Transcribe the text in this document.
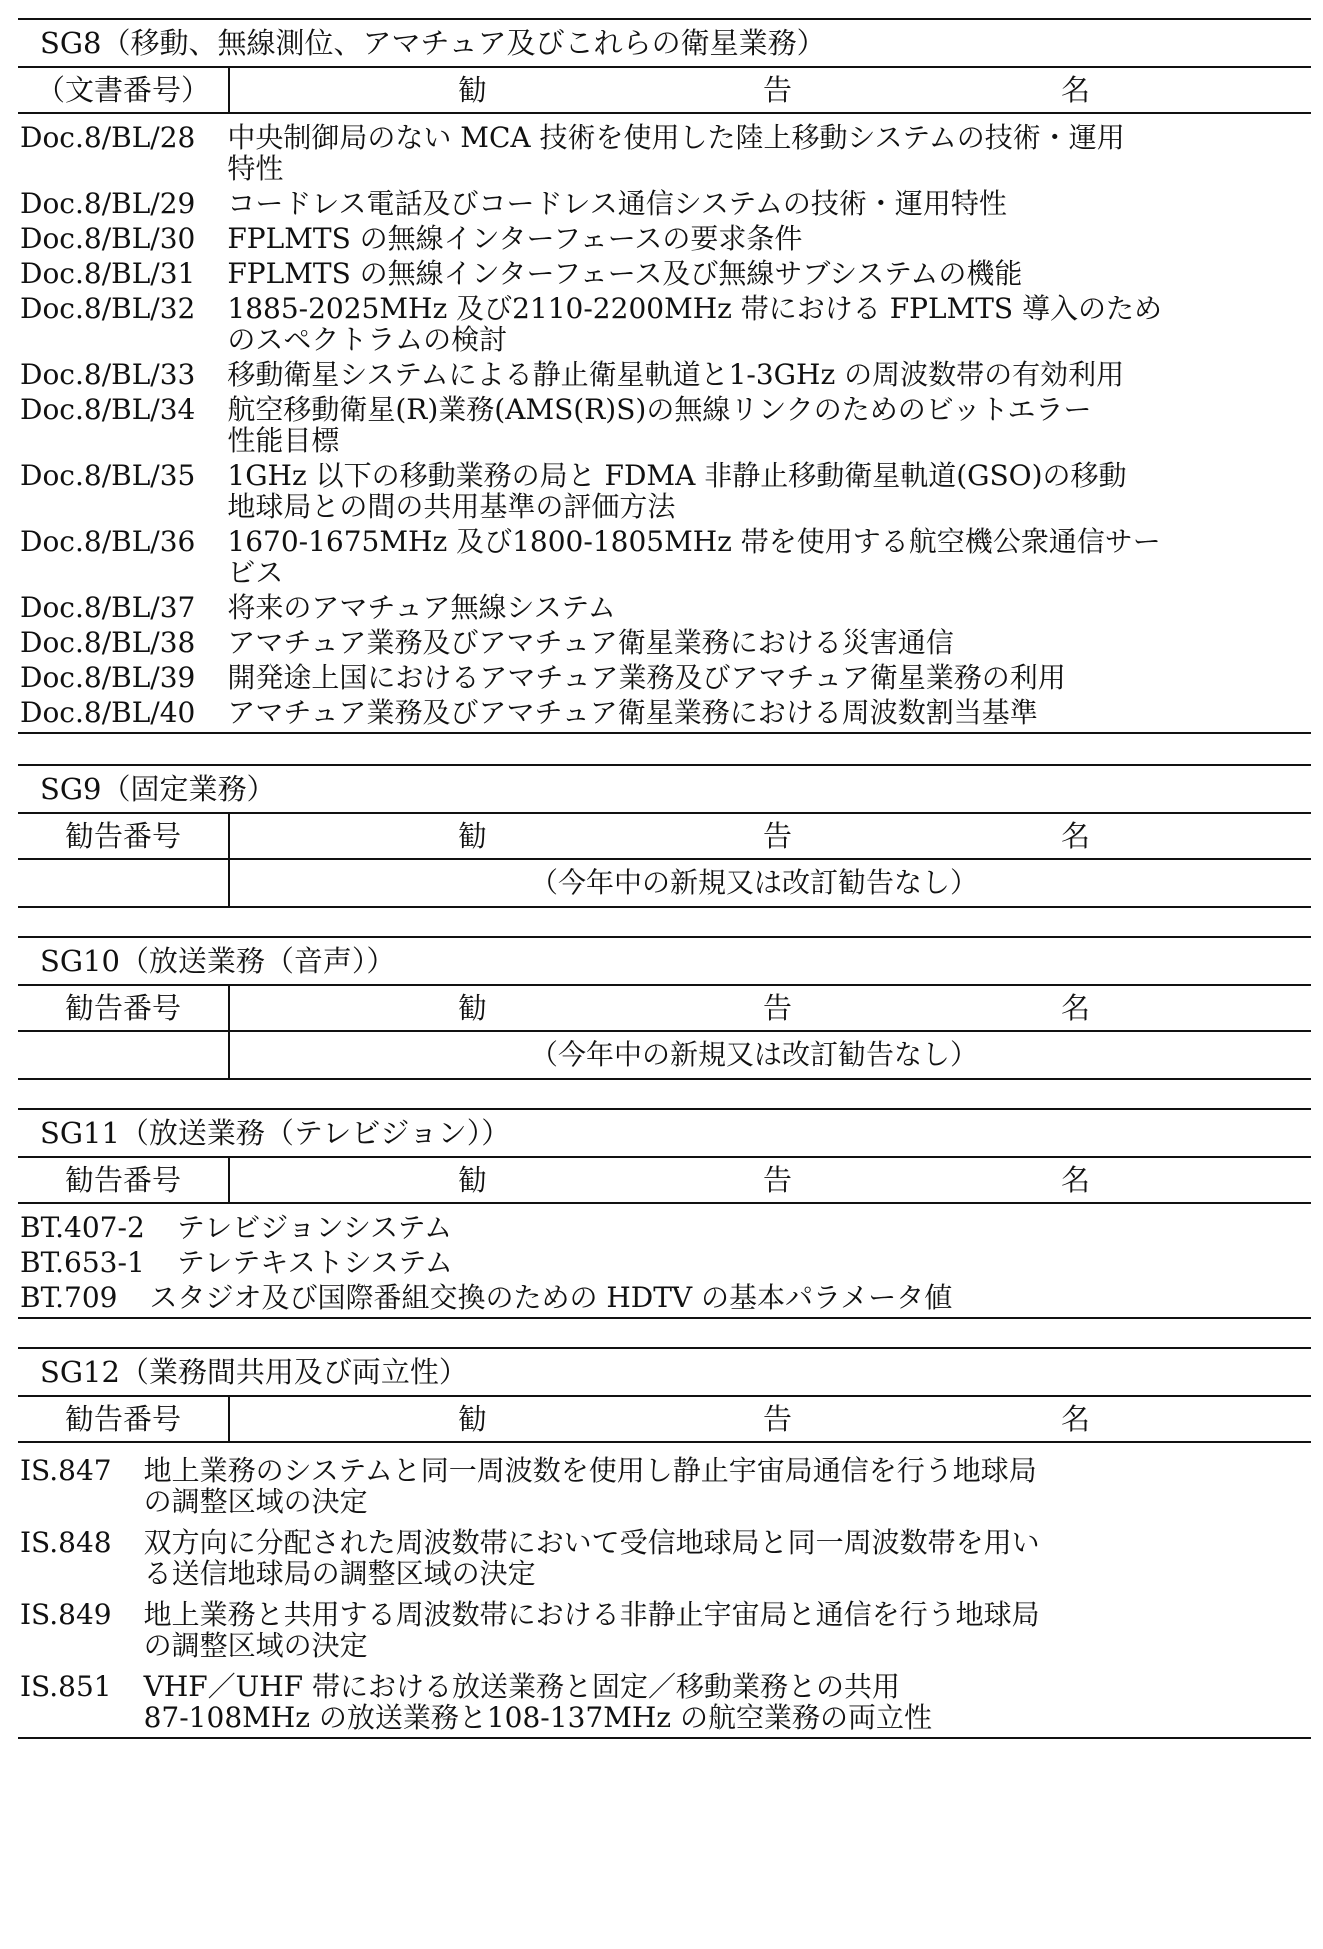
SG8（移動、無線測位、アマチュア及びこれらの衛星業務）
（文書番号）	勧	告	名
Doc.8/BL/28 中央制御局のない MCA 技術を使用した陸上移動システムの技術・運用
特性
Doc.8/BL/29 コードレス電話及びコードレス通信システムの技術・運用特性
Doc.8/BL/30 FPLMTS の無線インターフェースの要求条件
Doc.8/BL/31 FPLMTS の無線インターフェース及び無線サブシステムの機能
Doc.8/BL/32 1885-2025MHz 及び2110-2200MHz 帯における FPLMTS 導入のため
のスペクトラムの検討
Doc.8/BL/33 移動衛星システムによる静止衛星軌道と1-3GHz の周波数帯の有効利用
Doc.8/BL/34 航空移動衛星(R)業務(AMS(R)S)の無線リンクのためのビットエラー
性能目標
Doc.8/BL/35 1GHz 以下の移動業務の局と FDMA 非静止移動衛星軌道(GSO)の移動
地球局との間の共用基準の評価方法
Doc.8/BL/36 1670-1675MHz 及び1800-1805MHz 帯を使用する航空機公衆通信サー
ビス
Doc.8/BL/37 将来のアマチュア無線システム
Doc.8/BL/38 アマチュア業務及びアマチュア衛星業務における災害通信
Doc.8/BL/39 開発途上国におけるアマチュア業務及びアマチュア衛星業務の利用
Doc.8/BL/40 アマチュア業務及びアマチュア衛星業務における周波数割当基準
SG9（固定業務）
勧告番号	勧	告	名
（今年中の新規又は改訂勧告なし）
SG10（放送業務（音声））
勧告番号	勧	告	名
（今年中の新規又は改訂勧告なし）
SG11（放送業務（テレビジョン））
勧告番号	勧	告	名
BT.407-2 テレビジョンシステム
BT.653-1 テレテキストシステム
BT.709 スタジオ及び国際番組交換のための HDTV の基本パラメータ値
SG12（業務間共用及び両立性）
勧告番号	勧	告	名
IS.847 地上業務のシステムと同一周波数を使用し静止宇宙局通信を行う地球局
の調整区域の決定
IS.848 双方向に分配された周波数帯において受信地球局と同一周波数帯を用い
る送信地球局の調整区域の決定
IS.849 地上業務と共用する周波数帯における非静止宇宙局と通信を行う地球局
の調整区域の決定
IS.851 VHF／UHF 帯における放送業務と固定／移動業務との共用
87-108MHz の放送業務と108-137MHz の航空業務の両立性
